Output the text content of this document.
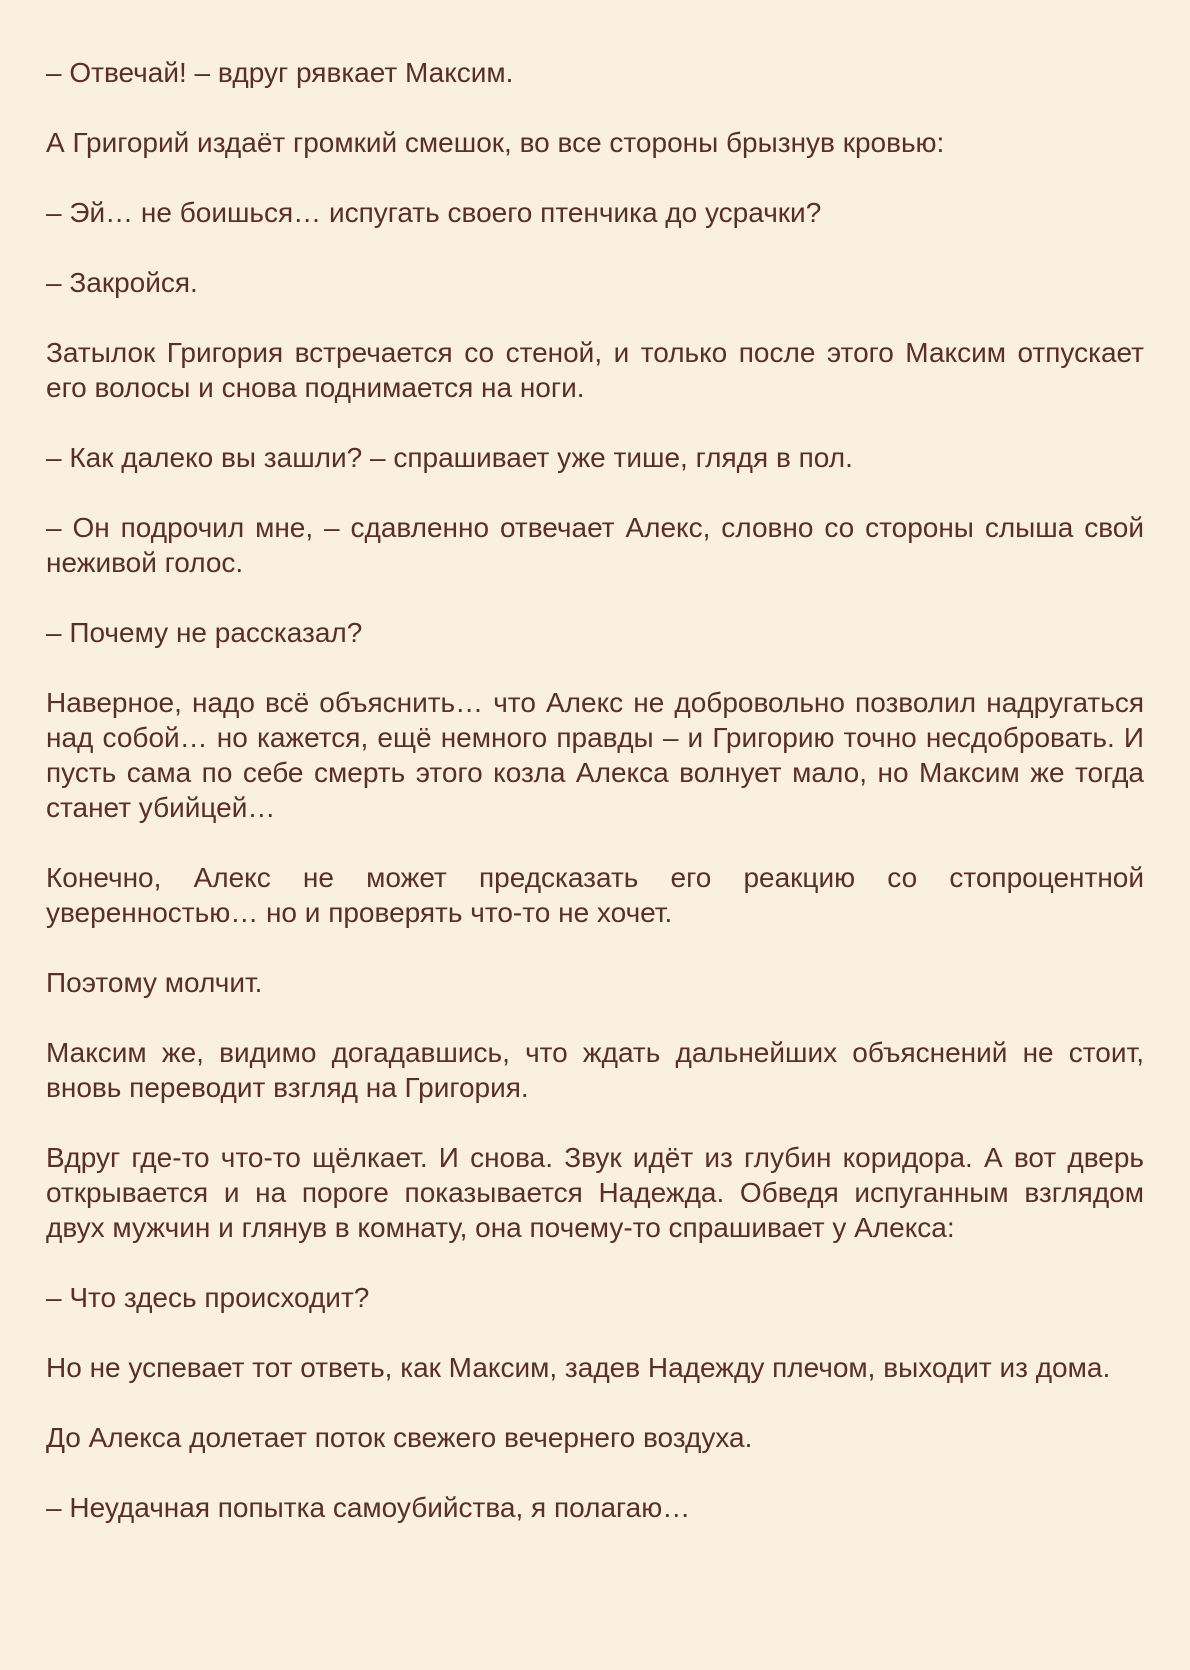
– Отвечай! – вдруг рявкает Максим.

А Григорий издаёт громкий смешок, во все стороны брызнув кровью:

– Эй… не боишься… испугать своего птенчика до усрачки?

– Закройся.

Затылок Григория встречается со стеной, и только после этого Максим отпускает его волосы и снова поднимается на ноги.

– Как далеко вы зашли? – спрашивает уже тише, глядя в пол.

– Он подрочил мне, – сдавленно отвечает Алекс, словно со стороны слыша свой неживой голос.

– Почему не рассказал?

Наверное, надо всё объяснить… что Алекс не добровольно позволил надругаться над собой… но кажется, ещё немного правды – и Григорию точно несдобровать. И пусть сама по себе смерть этого козла Алекса волнует мало, но Максим же тогда станет убийцей…

Конечно, Алекс не может предсказать его реакцию со стопроцентной уверенностью… но и проверять что-то не хочет.

Поэтому молчит.

Максим же, видимо догадавшись, что ждать дальнейших объяснений не стоит, вновь переводит взгляд на Григория.

Вдруг где-то что-то щёлкает. И снова. Звук идёт из глубин коридора. А вот дверь открывается и на пороге показывается Надежда. Обведя испуганным взглядом двух мужчин и глянув в комнату, она почему-то спрашивает у Алекса:

– Что здесь происходит?

Но не успевает тот ответь, как Максим, задев Надежду плечом, выходит из дома.

До Алекса долетает поток свежего вечернего воздуха.

– Неудачная попытка самоубийства, я полагаю…
